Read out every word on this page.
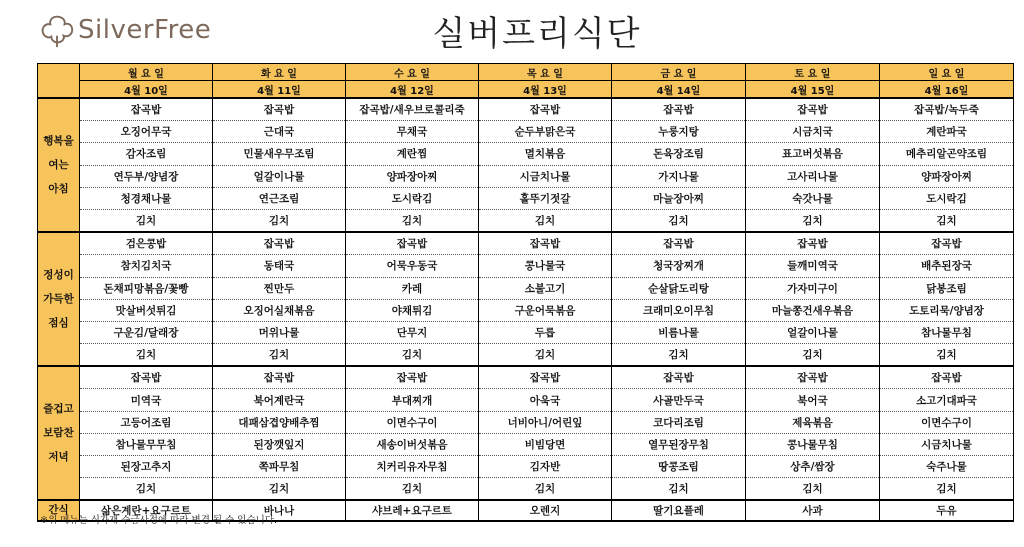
SilverFree	실버프리식단
	월 요 일	화 요 일	수 요 일	목 요 일	금 요 일	토 요 일	일 요 일
	4월 10일	4월 11일	4월 12일	4월 13일	4월 14일	4월 15일	4월 16일

행복을
여는
아침	잡곡밥	잡곡밥	잡곡밥/새우브로콜리죽	잡곡밥	잡곡밥	잡곡밥	잡곡밥/녹두죽
	오징어무국	근대국	무채국	순두부맑은국	누룽지탕	시금치국	계란파국
	감자조림	민물새우무조림	계란찜	멸치볶음	돈육장조림	표고버섯볶음	메추리알곤약조림
	연두부/양념장	얼갈이나물	양파장아찌	시금치나물	가지나물	고사리나물	양파장아찌
	청경채나물	연근조림	도시락김	홀뚜기젓갈	마늘장아찌	숙갓나물	도시락김
	김치	김치	김치	김치	김치	김치	김치

정성이
가득한
점심	검은콩밥	잡곡밥	잡곡밥	잡곡밥	잡곡밥	잡곡밥	잡곡밥
	참치김치국	동태국	어묵우동국	콩나물국	청국장찌개	들깨미역국	배추된장국
	돈채피망볶음/꽃빵	찐만두	카레	소불고기	순살닭도리탕	가자미구이	닭봉조림
	맛살버섯튀김	오징어실채볶음	야채튀김	구운어묵볶음	크래미오이무침	마늘쫑건새우볶음	도토리묵/양념장
	구운김/달래장	머위나물	단무지	두릅	비름나물	얼갈이나물	참나물무침
	김치	김치	김치	김치	김치	김치	김치

즐겁고
보람찬
저녁	잡곡밥	잡곡밥	잡곡밥	잡곡밥	잡곡밥	잡곡밥	잡곡밥
	미역국	북어계란국	부대찌개	아욱국	사골만두국	북어국	소고기대파국
	고등어조림	대패삼겹양배추찜	이면수구이	너비아니/어린잎	코다리조림	제육볶음	이면수구이
	참나물무무침	된장깻잎지	새송이버섯볶음	비빔당면	열무된장무침	콩나물무침	시금치나물
	된장고추지	쪽파무침	치커리유자무침	김자반	땅콩조림	상추/쌈장	숙주나물
	김치	김치	김치	김치	김치	김치	김치
간식	삶은계란+요구르트	바나나	샤브레+요구르트	오렌지	딸기요플레	사과	두유
※위 메뉴는 식자재 수급사정에 따라 변경 될 수 있습니다.
